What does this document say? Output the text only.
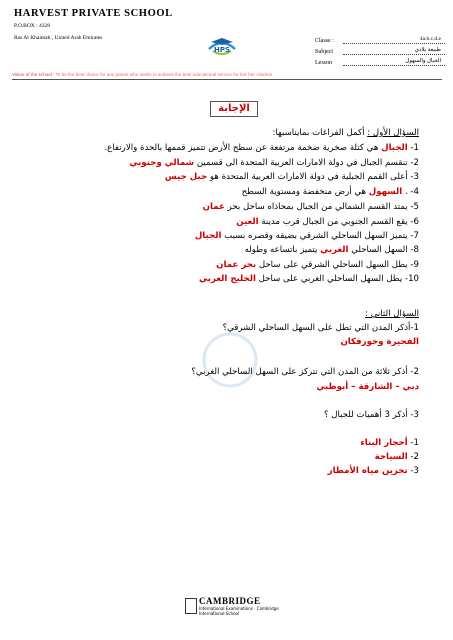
HARVEST PRIVATE SCHOOL
P.O.BOX : 4328
Ras Al Khaimah , United Arab Emirates
HPS
Classe :	4a.b.c.d.e
Subject	طبيعة بلادي
Lesson	الجبال والسهول
Vision of the school : To be the best choice for any parent who seeks to achieve the best educational service for his/ her children
الإجابة
السؤال الأول : أكمل الفراغات بمايناسبها:
1- الجبال هي كتلة صخرية ضخمة مرتفعة عن سطح الأرض تتميز قممها بالحدة والارتفاع.
2- تنقسم الجبال في دولة الامارات العربية المتحدة الى قسمين شمالي وجنوبي
3- أعلى القمم الجبلية في دولة الامارات العربية المتحدة هو جبل جيس
4- . السهول هي أرض منخفضة ومستوية السطح
5- يمتد القسم الشمالي من الجبال بمحاذاه ساحل بحر عمان
6- يقع القسم الجنوبي من الجبال قرب مدينة العين
7- يتميز السهل الساحلي الشرقي بضيقه وقصره بسبب الجبال
8- السهل الساحلي الغربي يتميز باتساعه وطوله
9- يطل السهل الساحلي الشرقي على ساحل بحر عمان
10- يطل السهل الساحلي الغربي على ساحل الخليج العربي
السؤال الثاني :
1-أذكر المدن التي تطل على السهل الساحلي الشرقي؟
الفجيرة وخورفكان
2- أذكر ثلاثة من المدن التي تتركز على السهل الساحلي الغربي؟
دبي – الشارقة – أبوظبي
3- أذكر 3 أهميات للجبال ؟
1- أحجار البناء
2- السياحة
3- تخزين مياه الأمطار
CAMBRIDGE
International Examinations · Cambridge International School
